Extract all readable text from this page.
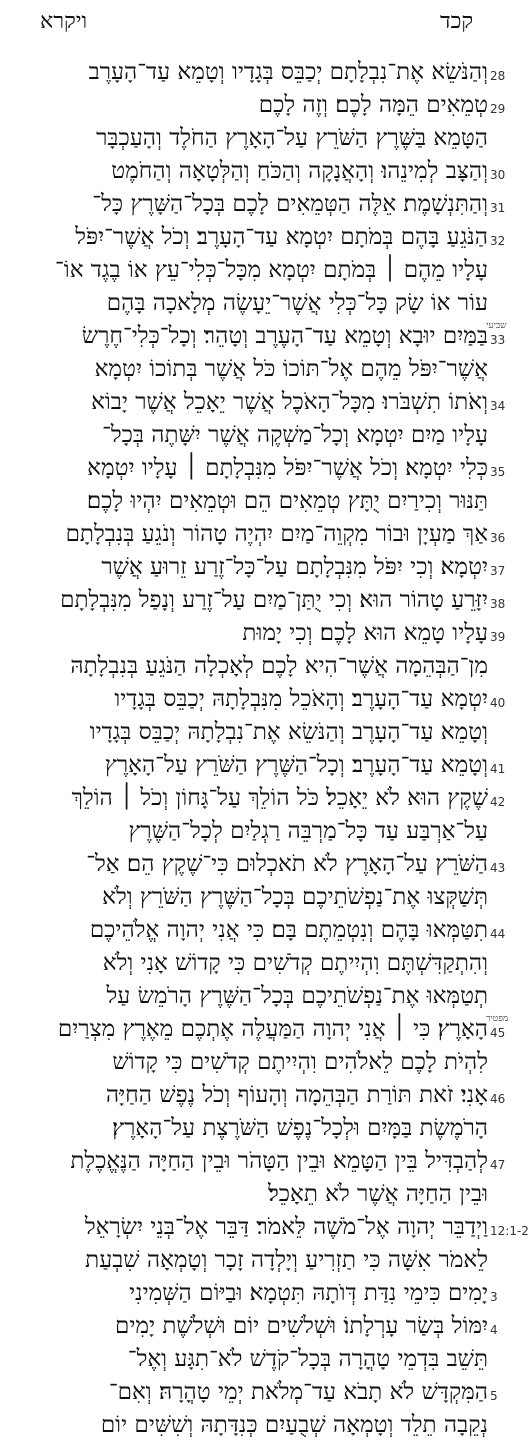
ויקרא	קכד
וְהַנֹּשֵׂא אֶת־נִבְלָתָם יְכַבֵּס בְּגָדָיו וְטָמֵא עַד־הָעָרֶב 28
טְמֵאִים הֵמָּה לָכֶם׃ וְזֶה לָכֶם 29
הַטָּמֵא בַּשֶּׁרֶץ הַשֹּׁרֵץ עַל־הָאָרֶץ הַחֹלֶד וְהָעַכְבָּר
וְהַצָּב לְמִינֵהוּ׃ וְהָאֲנָקָה וְהַכֹּחַ וְהַלְּטָאָה וְהַחֹמֶט 30
וְהַתִּנְשָׁמֶת׃ אֵלֶּה הַטְּמֵאִים לָכֶם בְּכָל־הַשָּׁרֶץ כָּל־ 31
הַנֹּגֵעַ בָּהֶם בְּמֹתָם יִטְמָא עַד־הָעָרֶב׃ וְכֹל אֲשֶׁר־יִפֹּל 32
עָלָיו מֵהֶם ׀ בְּמֹתָם יִטְמָא מִכָּל־כְּלִי־עֵץ אוֹ בֶגֶד אוֹ־
עוֹר אוֹ שָׂק כָּל־כְּלִי אֲשֶׁר־יֵעָשֶׂה מְלָאכָה בָּהֶם
בַּמַּיִם יוּבָא וְטָמֵא עַד־הָעֶרֶב וְטָהֵר׃ וְכָל־כְּלִי־חֶרֶשׂ 33
שביעי
אֲשֶׁר־יִפֹּל מֵהֶם אֶל־תּוֹכוֹ כֹּל אֲשֶׁר בְּתוֹכוֹ יִטְמָא
וְאֹתוֹ תִשְׁבֹּרוּ׃ מִכָּל־הָאֹכֶל אֲשֶׁר יֵאָכֵל אֲשֶׁר יָבוֹא 34
עָלָיו מַיִם יִטְמָא וְכָל־מַשְׁקֶה אֲשֶׁר יִשָּׁתֶה בְּכָל־
כְּלִי יִטְמָא׃ וְכֹל אֲשֶׁר־יִפֹּל מִנִּבְלָתָם ׀ עָלָיו יִטְמָא 35
תַּנּוּר וְכִירַיִם יֻתָּץ טְמֵאִים הֵם וּטְמֵאִים יִהְיוּ לָכֶם׃
אַךְ מַעְיָן וּבוֹר מִקְוֵה־מַיִם יִהְיֶה טָהוֹר וְנֹגֵעַ בְּנִבְלָתָם 36
יִטְמָא׃ וְכִי יִפֹּל מִנִּבְלָתָם עַל־כָּל־זֶרַע זֵרוּעַ אֲשֶׁר 37
יִזָּרֵעַ טָהוֹר הוּא׃ וְכִי יֻתַּן־מַיִם עַל־זֶרַע וְנָפַל מִנִּבְלָתָם 38
עָלָיו טָמֵא הוּא לָכֶם׃ וְכִי יָמוּת 39
מִן־הַבְּהֵמָה אֲשֶׁר־הִיא לָכֶם לְאָכְלָה הַנֹּגֵעַ בְּנִבְלָתָהּ
יִטְמָא עַד־הָעָרֶב׃ וְהָאֹכֵל מִנִּבְלָתָהּ יְכַבֵּס בְּגָדָיו 40
וְטָמֵא עַד־הָעָרֶב וְהַנֹּשֵׂא אֶת־נִבְלָתָהּ יְכַבֵּס בְּגָדָיו
וְטָמֵא עַד־הָעָרֶב׃ וְכָל־הַשֶּׁרֶץ הַשֹּׁרֵץ עַל־הָאָרֶץ 41
שֶׁקֶץ הוּא לֹא יֵאָכֵל׃ כֹּל הוֹלֵךְ עַל־גָּחוֹן וְכֹל ׀ הוֹלֵךְ 42
עַל־אַרְבַּע עַד כָּל־מַרְבֵּה רַגְלַיִם לְכָל־הַשֶּׁרֶץ
הַשֹּׁרֵץ עַל־הָאָרֶץ לֹא תֹאכְלוּם כִּי־שֶׁקֶץ הֵם׃ אַל־ 43
תְּשַׁקְּצוּ אֶת־נַפְשֹׁתֵיכֶם בְּכָל־הַשֶּׁרֶץ הַשֹּׁרֵץ וְלֹא
תִטַּמְּאוּ בָּהֶם וְנִטְמֵתֶם בָּם׃ כִּי אֲנִי יְהוָה אֱלֹהֵיכֶם 44
וְהִתְקַדִּשְׁתֶּם וִהְיִיתֶם קְדֹשִׁים כִּי קָדוֹשׁ אָנִי וְלֹא
תְטַמְּאוּ אֶת־נַפְשֹׁתֵיכֶם בְּכָל־הַשֶּׁרֶץ הָרֹמֵשׂ עַל
הָאָרֶץ׃ כִּי ׀ אֲנִי יְהוָה הַמַּעֲלֶה אֶתְכֶם מֵאֶרֶץ מִצְרַיִם 45
מפטיר
לִהְיֹת לָכֶם לֵאלֹהִים וִהְיִיתֶם קְדֹשִׁים כִּי קָדוֹשׁ
אָנִי׃ זֹאת תּוֹרַת הַבְּהֵמָה וְהָעוֹף וְכֹל נֶפֶשׁ הַחַיָּה 46
הָרֹמֶשֶׂת בַּמָּיִם וּלְכָל־נֶפֶשׁ הַשֹּׁרֶצֶת עַל־הָאָרֶץ׃
לְהַבְדִּיל בֵּין הַטָּמֵא וּבֵין הַטָּהֹר וּבֵין הַחַיָּה הַנֶּאֱכֶלֶת 47
וּבֵין הַחַיָּה אֲשֶׁר לֹא תֵאָכֵל׃
וַיְדַבֵּר יְהוָה אֶל־מֹשֶׁה לֵּאמֹר׃ דַּבֵּר אֶל־בְּנֵי יִשְׂרָאֵל 12:1-2
לֵאמֹר אִשָּׁה כִּי תַזְרִיעַ וְיָלְדָה זָכָר וְטָמְאָה שִׁבְעַת
יָמִים כִּימֵי נִדַּת דְּוֺתָהּ תִּטְמָא׃ וּבַיּוֹם הַשְּׁמִינִי 3
יִמּוֹל בְּשַׂר עָרְלָתוֹ׃ וּשְׁלֹשִׁים יוֹם וּשְׁלֹשֶׁת יָמִים 4
תֵּשֵׁב בִּדְמֵי טָהֳרָה בְּכָל־קֹדֶשׁ לֹא־תִגָּע וְאֶל־
הַמִּקְדָּשׁ לֹא תָבֹא עַד־מְלֹאת יְמֵי טָהֳרָהּ׃ וְאִם־ 5
נְקֵבָה תֵלֵד וְטָמְאָה שְׁבֻעַיִם כְּנִדָּתָהּ וְשִׁשִּׁים יוֹם
